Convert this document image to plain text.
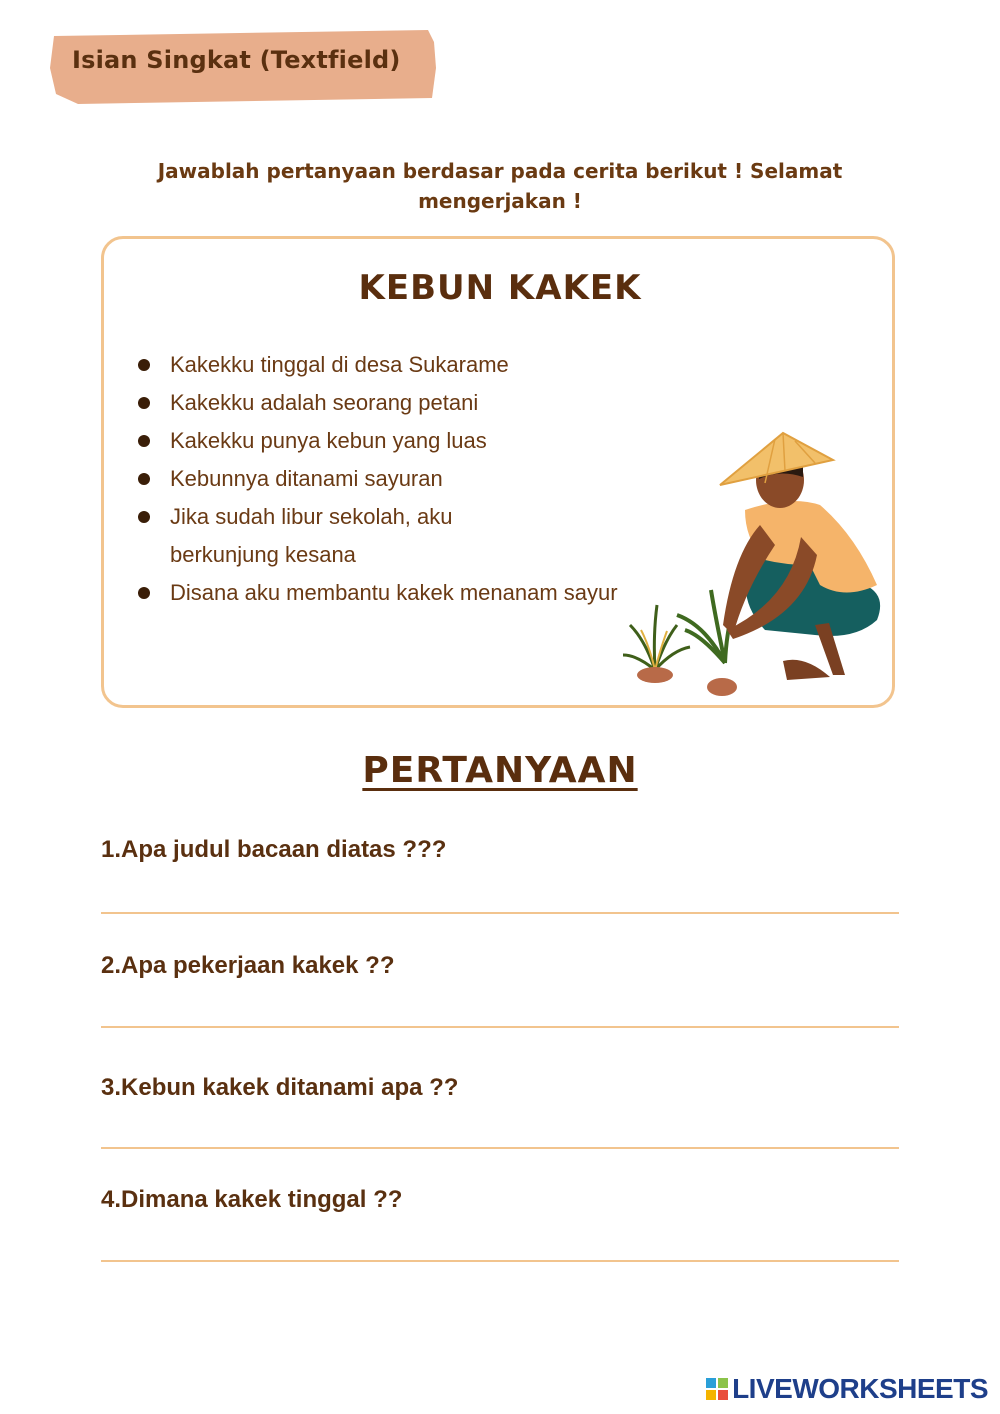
Isian Singkat (Textfield)
Jawablah pertanyaan berdasar pada cerita berikut ! Selamat mengerjakan !
KEBUN KAKEK
Kakekku tinggal di desa Sukarame
Kakekku adalah seorang petani
Kakekku punya kebun yang luas
Kebunnya ditanami sayuran
Jika sudah libur sekolah, aku berkunjung kesana
Disana aku membantu kakek menanam sayur
PERTANYAAN
1.Apa judul bacaan diatas ???
2.Apa pekerjaan kakek ??
3.Kebun kakek ditanami apa ??
4.Dimana kakek tinggal ??
LIVEWORKSHEETS
